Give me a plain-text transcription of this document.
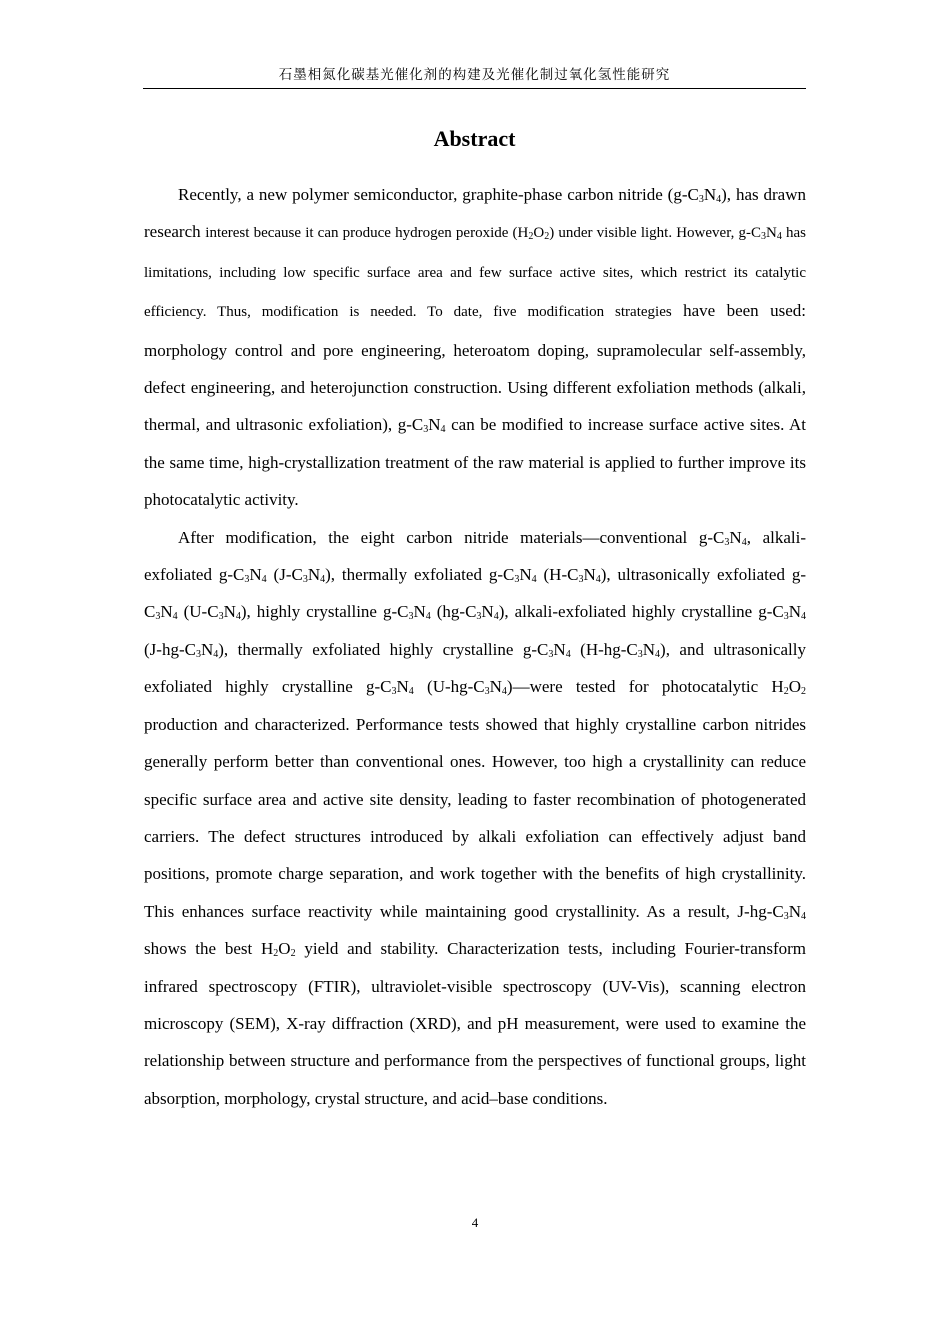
石墨相氮化碳基光催化剂的构建及光催化制过氧化氢性能研究
Abstract

Recently, a new polymer semiconductor, graphite-phase carbon nitride $(g-C_3N_4)$, has drawn research interest because it can produce hydrogen peroxide $(H_2O_2)$ under visible light. However, $g-C_3N_4$ has limitations, including low specific surface area and few surface active sites, which restrict its catalytic efficiency. Thus, modification is needed. To date, five modification strategies have been used: morphology control and pore engineering, heteroatom doping, supramolecular self-assembly, defect engineering, and heterojunction construction. Using different exfoliation methods (alkali, thermal, and ultrasonic exfoliation), $g-C_3N_4$ can be modified to increase surface active sites. At the same time, high-crystallization treatment of the raw material is applied to further improve its photocatalytic activity.

After modification, the eight carbon nitride materials—conventional $g-C_3N_4$, alkali-exfoliated $g-C_3N_4$ $(J-C_3N_4)$, thermally exfoliated $g-C_3N_4$ $(H-C_3N_4)$, ultrasonically exfoliated $g-C_3N_4$ $(U-C_3N_4)$, highly crystalline $g-C_3N_4$ $(hg-C_3N_4)$, alkali-exfoliated highly crystalline $g-C_3N_4$ $(J-hg-C_3N_4)$, thermally exfoliated highly crystalline $g-C_3N_4$ $(H-hg-C_3N_4)$, and ultrasonically exfoliated highly crystalline $g-C_3N_4$ $(U-hg-C_3N_4)—were$ tested for photocatalytic $H_2O_2$ production and characterized. Performance tests showed that highly crystalline carbon nitrides generally perform better than conventional ones. However, too high a crystallinity can reduce specific surface area and active site density, leading to faster recombination of photogenerated carriers. The defect structures introduced by alkali exfoliation can effectively adjust band positions, promote charge separation, and work together with the benefits of high crystallinity. This enhances surface reactivity while maintaining good crystallinity. As a result, $J-hg-C_3N_4$ shows the best $H_2O_2$ yield and stability. Characterization tests, including Fourier-transform infrared spectroscopy (FTIR), ultraviolet-visible spectroscopy (UV-Vis), scanning electron microscopy (SEM), X-ray diffraction (XRD), and pH measurement, were used to examine the relationship between structure and performance from the perspectives of functional groups, light absorption, morphology, crystal structure, and acid–base conditions.

4
